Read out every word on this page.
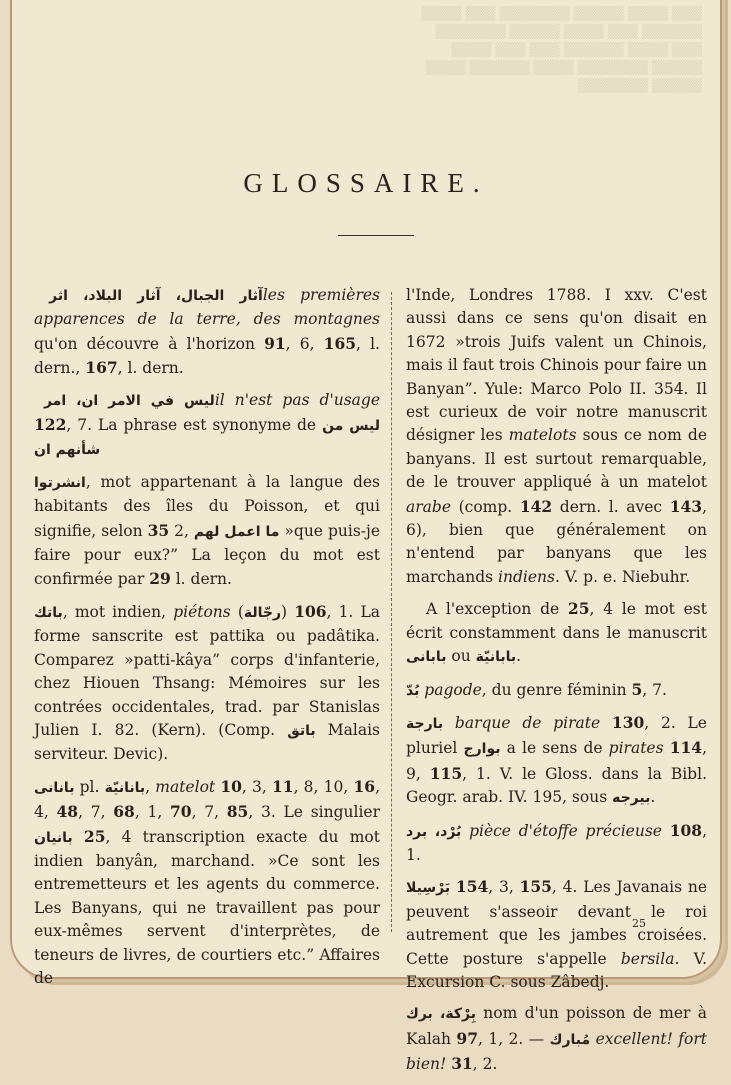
▒▒▒ ▒▒▒▒ ▒▒▒▒▒ ▒▒▒▒▒▒▒ ▒▒▒ ▒▒▒▒ ▒▒▒▒▒▒ ▒▒▒ ▒▒▒▒ ▒▒▒▒▒ ▒▒▒▒▒▒▒ ▒▒▒ ▒▒▒▒ ▒▒▒▒▒▒ ▒▒▒ ▒▒▒ ▒▒▒▒ ▒▒▒▒▒ ▒▒▒▒▒▒▒ ▒▒▒▒ ▒▒▒▒▒▒ ▒▒▒▒ ▒▒▒▒▒ ▒▒▒▒▒▒▒
GLOSSAIRE.

آثار الجبال، آثار البلاد، اثر les premières apparences de la terre, des montagnes qu'on découvre à l'horizon 91, 6, 165, l. dern., 167, l. dern.

ليس في الامر ان، امر il n'est pas d'usage 122, 7. La phrase est synonyme de ليس من شأنهم ان

انشرتوا, mot appartenant à la langue des habitants des îles du Poisson, et qui signifie, selon 35 2, ما اعمل لهم »que puis-je faire pour eux?” La leçon du mot est confirmée par 29 l. dern.

باتك, mot indien, piétons (رجّالة) 106, 1. La forme sanscrite est pattika ou padâtika. Comparez »patti-kâya” corps d'infanterie, chez Hiouen Thsang: Mémoires sur les contrées occidentales, trad. par Stanislas Julien I. 82. (Kern). (Comp. باتق Malais serviteur. Devic).

بانانی pl. بانانیّة, matelot 10, 3, 11, 8, 10, 16, 4, 48, 7, 68, 1, 70, 7, 85, 3. Le singulier بانيان 25, 4 transcription exacte du mot indien banyân, marchand. »Ce sont les entremetteurs et les agents du commerce. Les Banyans, qui ne travaillent pas pour eux-mêmes servent d'interprètes, de teneurs de livres, de courtiers etc.” Affaires de

l'Inde, Londres 1788. I xxv. C'est aussi dans ce sens qu'on disait en 1672 »trois Juifs valent un Chinois, mais il faut trois Chinois pour faire un Banyan”. Yule: Marco Polo II. 354. Il est curieux de voir notre manuscrit désigner les matelots sous ce nom de banyans. Il est surtout remarquable, de le trouver appliqué à un matelot arabe (comp. 142 dern. l. avec 143, 6), bien que généralement on n'entend par banyans que les marchands indiens. V. p. e. Niebuhr.

A l'exception de 25, 4 le mot est écrit constamment dans le manuscrit بابانى ou بابانيّة.

بُدّ pagode, du genre féminin 5, 7.

بارجة barque de pirate 130, 2. Le pluriel بوارج a le sens de pirates 114, 9, 115, 1. V. le Gloss. dans la Bibl. Geogr. arab. IV. 195, sous بيرجه.

بُرْد، برد pièce d'étoffe précieuse 108, 1.

بَرْسِيلا 154, 3, 155, 4. Les Javanais ne peuvent s'asseoir devant le roi autrement que les jambes croisées. Cette posture s'appelle bersila. V. Excursion C. sous Zâbedj.

بِرْكة، برك nom d'un poisson de mer à Kalah 97, 1, 2. — مُبارك excellent! fort bien! 31, 2.

25
